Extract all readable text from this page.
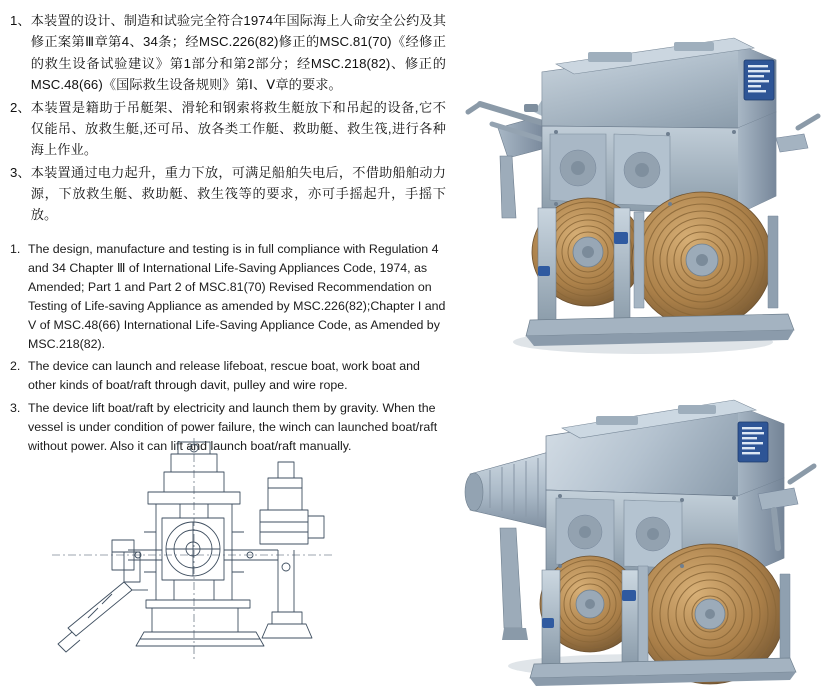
1、 本装置的设计、制造和试验完全符合1974年国际海上人命安全公约及其修正案第Ⅲ章第4、34条；经MSC.226(82)修正的MSC.81(70)《经修正的救生设备试验建议》第1部分和第2部分；经MSC.218(82)、修正的MSC.48(66)《国际救生设备规则》第Ⅰ、Ⅴ章的要求。
2、 本装置是籍助于吊艇架、滑轮和钢索将救生艇放下和吊起的设备,它不仅能吊、放救生艇,还可吊、放各类工作艇、救助艇、救生筏,进行各种海上作业。
3、 本装置通过电力起升，重力下放，可满足船舶失电后，不借助船舶动力源，下放救生艇、救助艇、救生筏等的要求，亦可手摇起升，手摇下放。
1. The design, manufacture and testing is in full compliance with Regulation 4 and 34 Chapter Ⅲ of International Life-Saving Appliances Code, 1974, as Amended; Part 1 and Part 2 of MSC.81(70) Revised Recommendation on Testing of Life-saving Appliance as amended by MSC.226(82);Chapter I and V of MSC.48(66) International Life-Saving Appliance Code, as Amended by MSC.218(82).
2. The device can launch and release lifeboat, rescue boat, work boat and other kinds of boat/raft through davit, pulley and wire rope.
3. The device lift boat/raft by electricity and launch them by gravity. When the vessel is under condition of power failure, the winch can launched boat/raft without power. Also it can lift and launch boat/raft manually.
